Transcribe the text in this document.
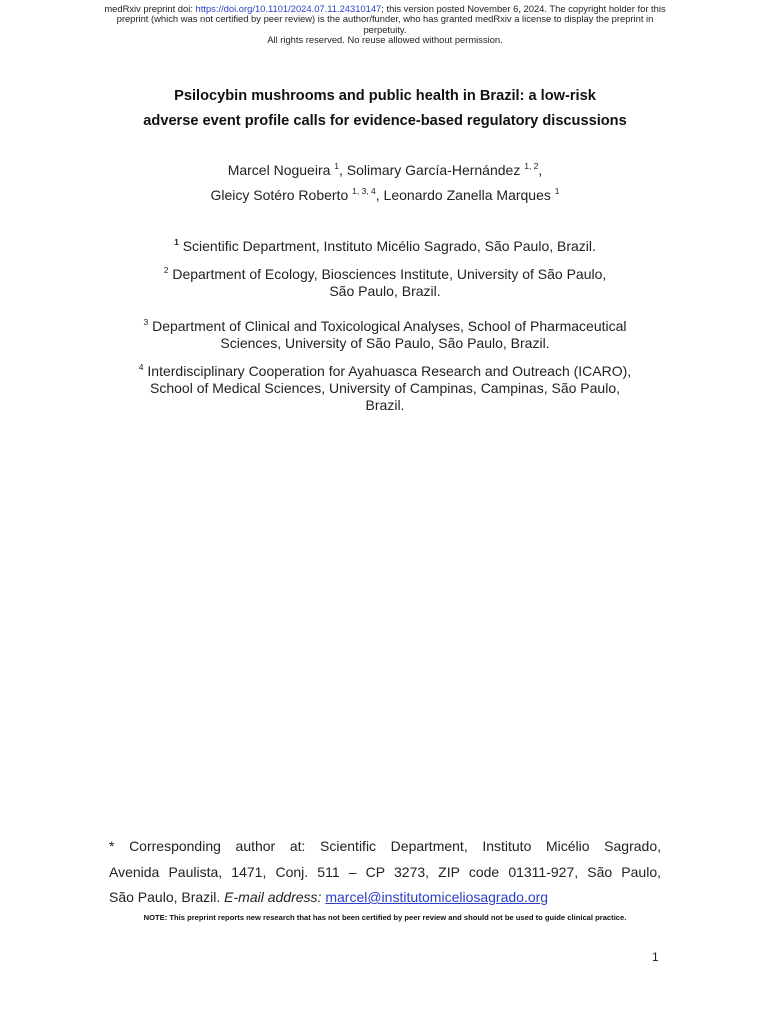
medRxiv preprint doi: https://doi.org/10.1101/2024.07.11.24310147; this version posted November 6, 2024. The copyright holder for this
preprint (which was not certified by peer review) is the author/funder, who has granted medRxiv a license to display the preprint in
perpetuity.
All rights reserved. No reuse allowed without permission.
Psilocybin mushrooms and public health in Brazil: a low-risk
adverse event profile calls for evidence-based regulatory discussions
Marcel Nogueira $^1$, Solimary García-Hernández $^{1, 2}$,
Gleicy Sotéro Roberto $^{1, 3, 4}$, Leonardo Zanella Marques $^1$
$^1$ Scientific Department, Instituto Micélio Sagrado, São Paulo, Brazil.
$^2$ Department of Ecology, Biosciences Institute, University of São Paulo,
São Paulo, Brazil.
$^3$ Department of Clinical and Toxicological Analyses, School of Pharmaceutical
Sciences, University of São Paulo, São Paulo, Brazil.
$^4$ Interdisciplinary Cooperation for Ayahuasca Research and Outreach (ICARO),
School of Medical Sciences, University of Campinas, Campinas, São Paulo,
Brazil.
* Corresponding author at: Scientific Department, Instituto Micélio Sagrado,
Avenida Paulista, 1471, Conj. 511 – CP 3273, ZIP code 01311-927, São Paulo,
São Paulo, Brazil. E-mail address: marcel@institutomiceliosagrado.org
NOTE: This preprint reports new research that has not been certified by peer review and should not be used to guide clinical practice.
1
